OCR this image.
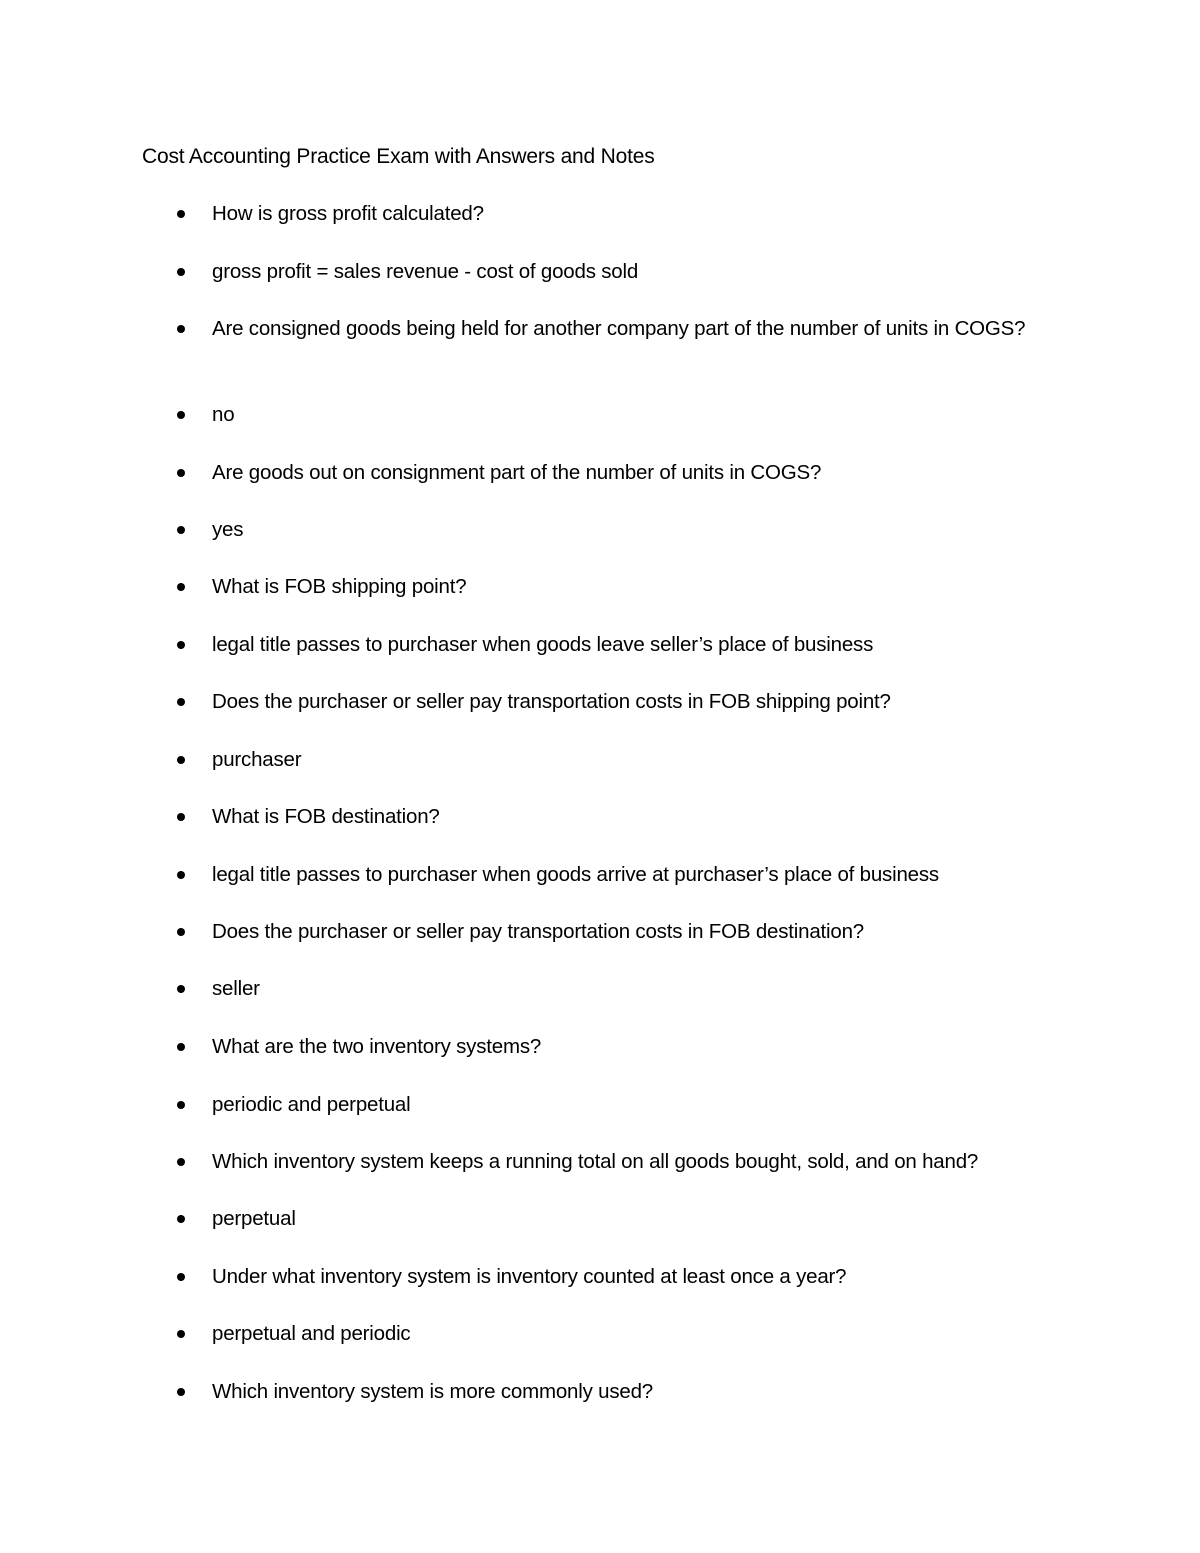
Cost Accounting Practice Exam with Answers and Notes
How is gross profit calculated?
gross profit = sales revenue - cost of goods sold
Are consigned goods being held for another company part of the number of units in COGS?
no
Are goods out on consignment part of the number of units in COGS?
yes
What is FOB shipping point?
legal title passes to purchaser when goods leave seller’s place of business
Does the purchaser or seller pay transportation costs in FOB shipping point?
purchaser
What is FOB destination?
legal title passes to purchaser when goods arrive at purchaser’s place of business
Does the purchaser or seller pay transportation costs in FOB destination?
seller
What are the two inventory systems?
periodic and perpetual
Which inventory system keeps a running total on all goods bought, sold, and on hand?
perpetual
Under what inventory system is inventory counted at least once a year?
perpetual and periodic
Which inventory system is more commonly used?
